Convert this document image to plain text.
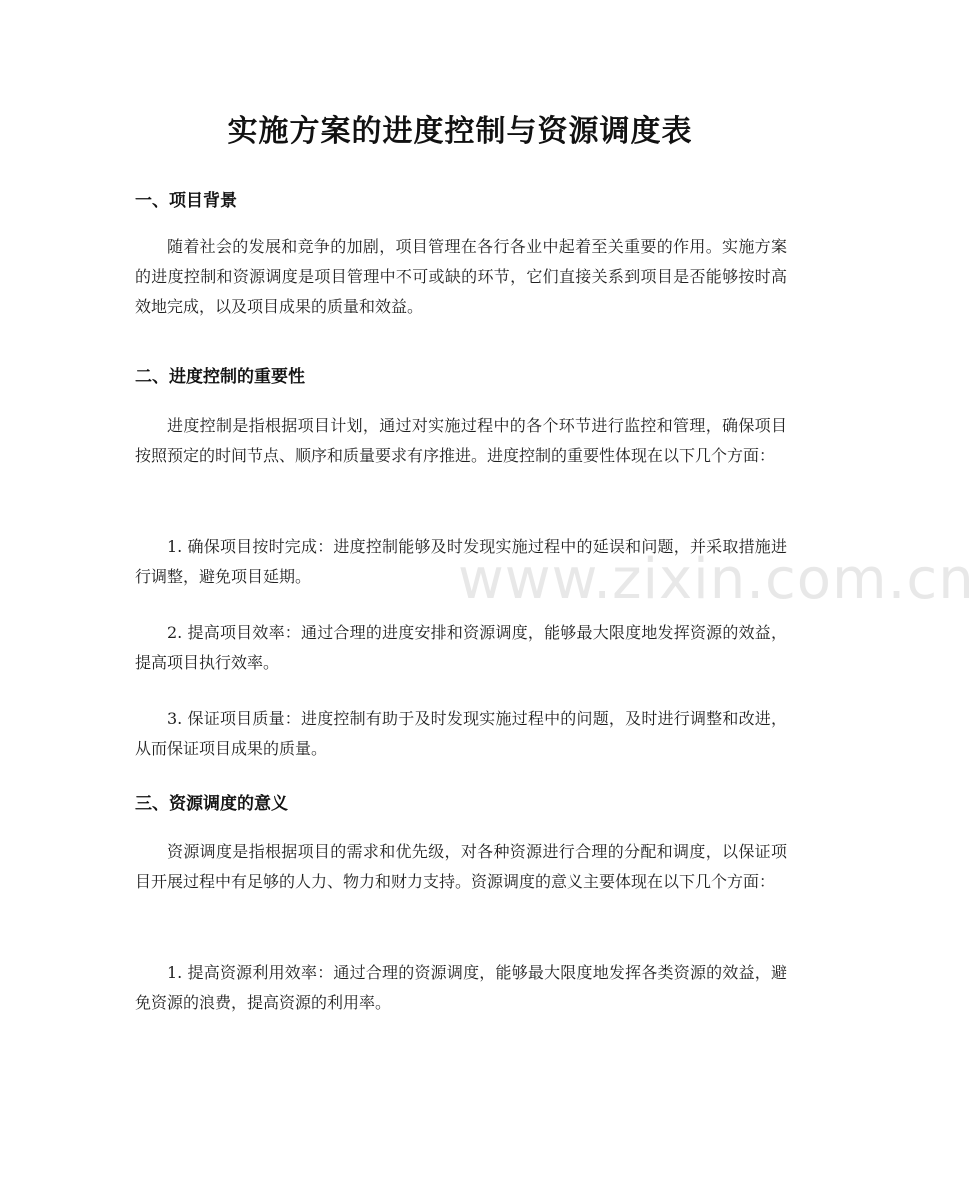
实施方案的进度控制与资源调度表
一、项目背景
随着社会的发展和竞争的加剧，项目管理在各行各业中起着至关重要的作用。实施方案的进度控制和资源调度是项目管理中不可或缺的环节，它们直接关系到项目是否能够按时高效地完成，以及项目成果的质量和效益。
二、进度控制的重要性
进度控制是指根据项目计划，通过对实施过程中的各个环节进行监控和管理，确保项目按照预定的时间节点、顺序和质量要求有序推进。进度控制的重要性体现在以下几个方面：
1. 确保项目按时完成：进度控制能够及时发现实施过程中的延误和问题，并采取措施进行调整，避免项目延期。
2. 提高项目效率：通过合理的进度安排和资源调度，能够最大限度地发挥资源的效益，提高项目执行效率。
3. 保证项目质量：进度控制有助于及时发现实施过程中的问题，及时进行调整和改进，从而保证项目成果的质量。
三、资源调度的意义
资源调度是指根据项目的需求和优先级，对各种资源进行合理的分配和调度，以保证项目开展过程中有足够的人力、物力和财力支持。资源调度的意义主要体现在以下几个方面：
1. 提高资源利用效率：通过合理的资源调度，能够最大限度地发挥各类资源的效益，避免资源的浪费，提高资源的利用率。
www.zixin.com.cn
